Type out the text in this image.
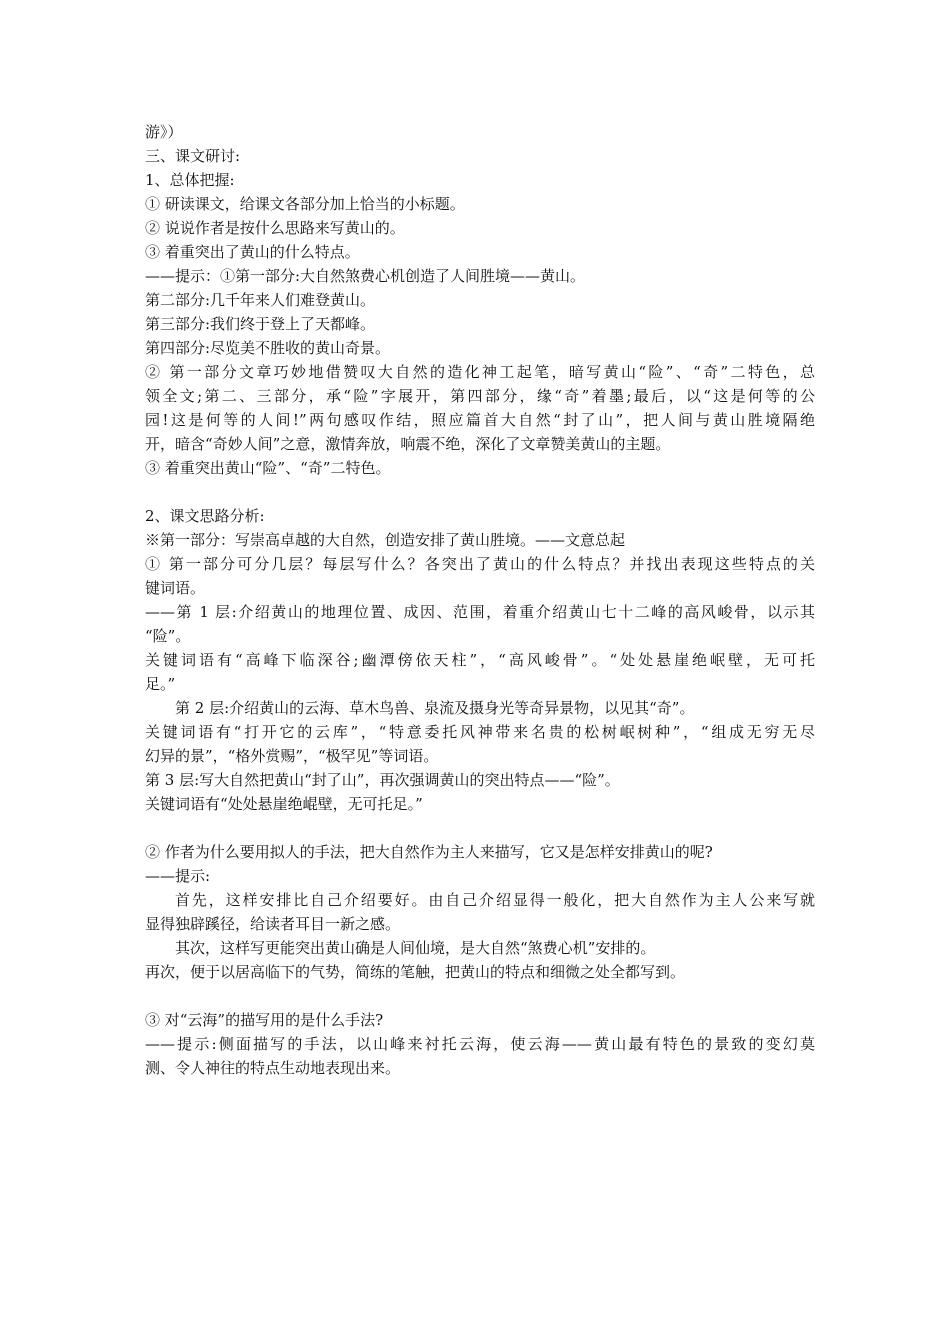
游》）
三、课文研讨:
1、总体把握:
① 研读课文，给课文各部分加上恰当的小标题。
② 说说作者是按什么思路来写黄山的。
③ 着重突出了黄山的什么特点。
——提示：①第一部分:大自然煞费心机创造了人间胜境——黄山。
第二部分:几千年来人们难登黄山。
第三部分:我们终于登上了天都峰。
第四部分:尽览美不胜收的黄山奇景。
② 第一部分文章巧妙地借赞叹大自然的造化神工起笔，暗写黄山“险”、“奇”二特色，总
领全文;第二、三部分，承“险”字展开，第四部分，缘“奇”着墨;最后，以“这是何等的公
园!这是何等的人间!”两句感叹作结，照应篇首大自然“封了山”，把人间与黄山胜境隔绝
开，暗含“奇妙人间”之意，激情奔放，响震不绝，深化了文章赞美黄山的主题。
③ 着重突出黄山“险”、“奇”二特色。
2、课文思路分析:
※第一部分：写崇高卓越的大自然，创造安排了黄山胜境。——文意总起
① 第一部分可分几层？每层写什么？各突出了黄山的什么特点？并找出表现这些特点的关
键词语。
——第 1 层:介绍黄山的地理位置、成因、范围，着重介绍黄山七十二峰的高风峻骨，以示其
“险”。
关键词语有“高峰下临深谷;幽潭傍依天柱”，“高风峻骨”。“处处悬崖绝岷壁，无可托
足。”
第 2 层:介绍黄山的云海、草木鸟兽、泉流及摄身光等奇异景物，以见其“奇”。
关键词语有“打开它的云库”，“特意委托风神带来名贵的松树岷树种”，“组成无穷无尽
幻异的景”，“格外赏赐”，“极罕见”等词语。
第 3 层:写大自然把黄山“封了山”，再次强调黄山的突出特点——“险”。
关键词语有“处处悬崖绝崐壁，无可托足。”
② 作者为什么要用拟人的手法，把大自然作为主人来描写，它又是怎样安排黄山的呢?
——提示:
首先，这样安排比自己介绍要好。由自己介绍显得一般化，把大自然作为主人公来写就
显得独辟蹊径，给读者耳目一新之感。
其次，这样写更能突出黄山确是人间仙境，是大自然“煞费心机”安排的。
再次，便于以居高临下的气势，简练的笔触，把黄山的特点和细微之处全都写到。
③ 对“云海”的描写用的是什么手法?
——提示:侧面描写的手法，以山峰来衬托云海，使云海——黄山最有特色的景致的变幻莫
测、令人神往的特点生动地表现出来。
